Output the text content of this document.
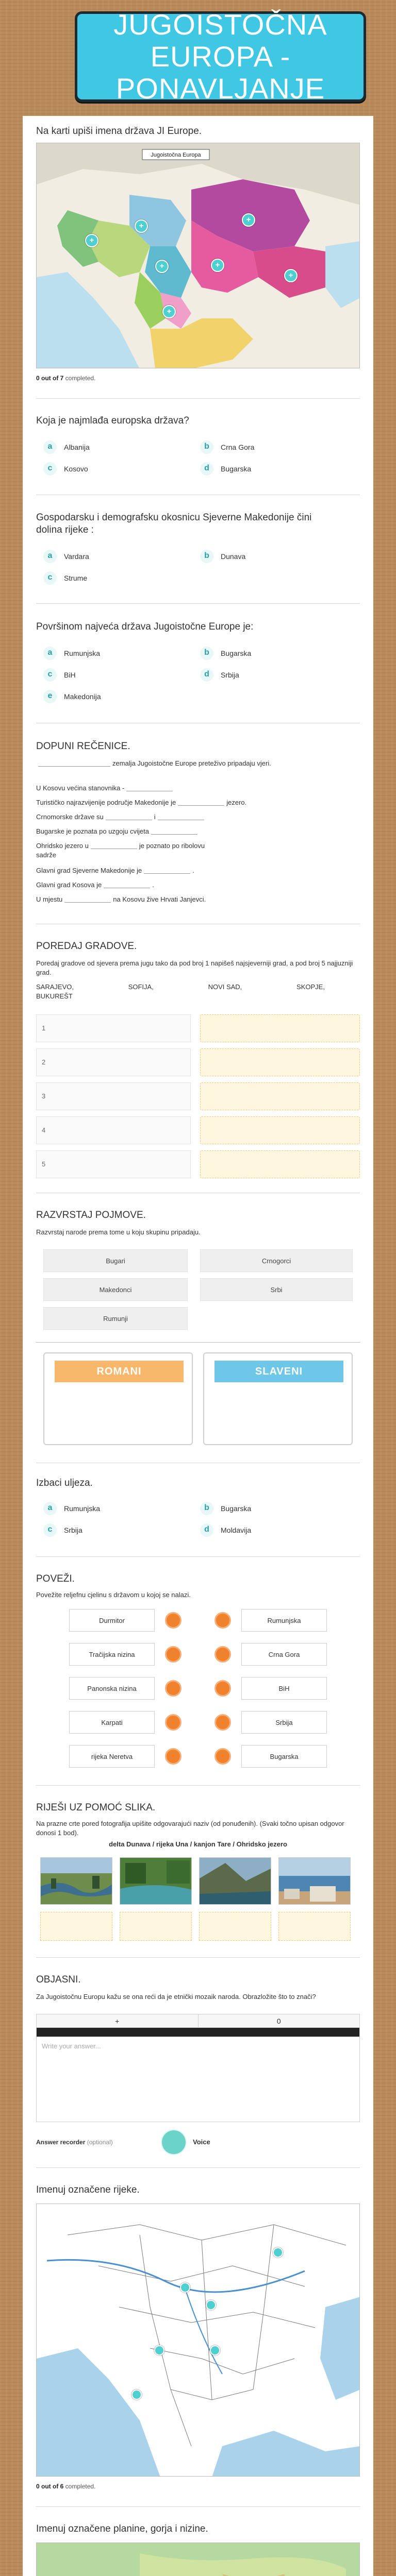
JUGOISTOČNA EUROPA - PONAVLJANJE
Na karti upiši imena država JI Europe.
Jugoistočna Europa
+
+
+
+	+
+
+
0 out of 7 completed.
Koja je najmlađa europska država?
a	Albanija	b	Crna Gora
c	Kosovo	d	Bugarska
Gospodarsku i demografsku okosnicu Sjeverne Makedonije čini dolina rijeke :
a	Vardara	b	Dunava
c	Strume
Površinom najveća država Jugoistočne Europe je:
a	Rumunjska	b	Bugarska
c	BiH	d	Srbija
e	Makedonija
DOPUNI REČENICE.
zemalja Jugoistočne Europe preteživo pripadaju vjeri.
U Kosovu većina stanovnika -
Turističko najrazvijenije područje Makedonije je	jezero.
Crnomorske države su	i
Bugarske je poznata po uzgoju cvijeta
Ohridsko jezero u	je poznato po ribolovu
sadrže
Glavni grad Sjeverne Makedonije je	.
Glavni grad Kosova je	.
U mjestu	na Kosovu žive Hrvati Janjevci.
POREDAJ GRADOVE.
Poredaj gradove od sjevera prema jugu tako da pod broj 1 napišeš najsjeverniji grad, a pod broj 5 najjuzniji grad.
SARAJEVO,	SOFIJA,	NOVI SAD,	SKOPJE,
BUKUREŠT
1
2
3
4
5
RAZVRSTAJ POJMOVE.
Razvrstaj narode prema tome u koju skupinu pripadaju.
Bugari	Crnogorci
Makedonci	Srbi
Rumunji
ROMANI	SLAVENI
Izbaci uljeza.
a	Rumunjska	b	Bugarska
c	Srbija	d	Moldavija
POVEŽI.
Povežite reljefnu cjelinu s državom u kojoj se nalazi.
Durmitor	Rumunjska
Tračijska nizina	Crna Gora
Panonska nizina	BiH
Karpati	Srbija
rijeka Neretva	Bugarska
RIJEŠI UZ POMOĆ SLIKA.
Na prazne crte pored fotografija upišite odgovarajući naziv (od ponuđenih). (Svaki točno upisan odgovor donosi 1 bod).
delta Dunava / rijeka Una / kanjon Tare / Ohridsko jezero
OBJASNI.
Za Jugoistočnu Europu kažu se ona reći da je etnički mozaik naroda. Obrazložite što to znači?
+	0
Write your answer...
Answer recorder (optional)	Voice
Imenuj označene rijeke.
0 out of 6 completed.
Imenuj označene planine, gorja i nizine.
